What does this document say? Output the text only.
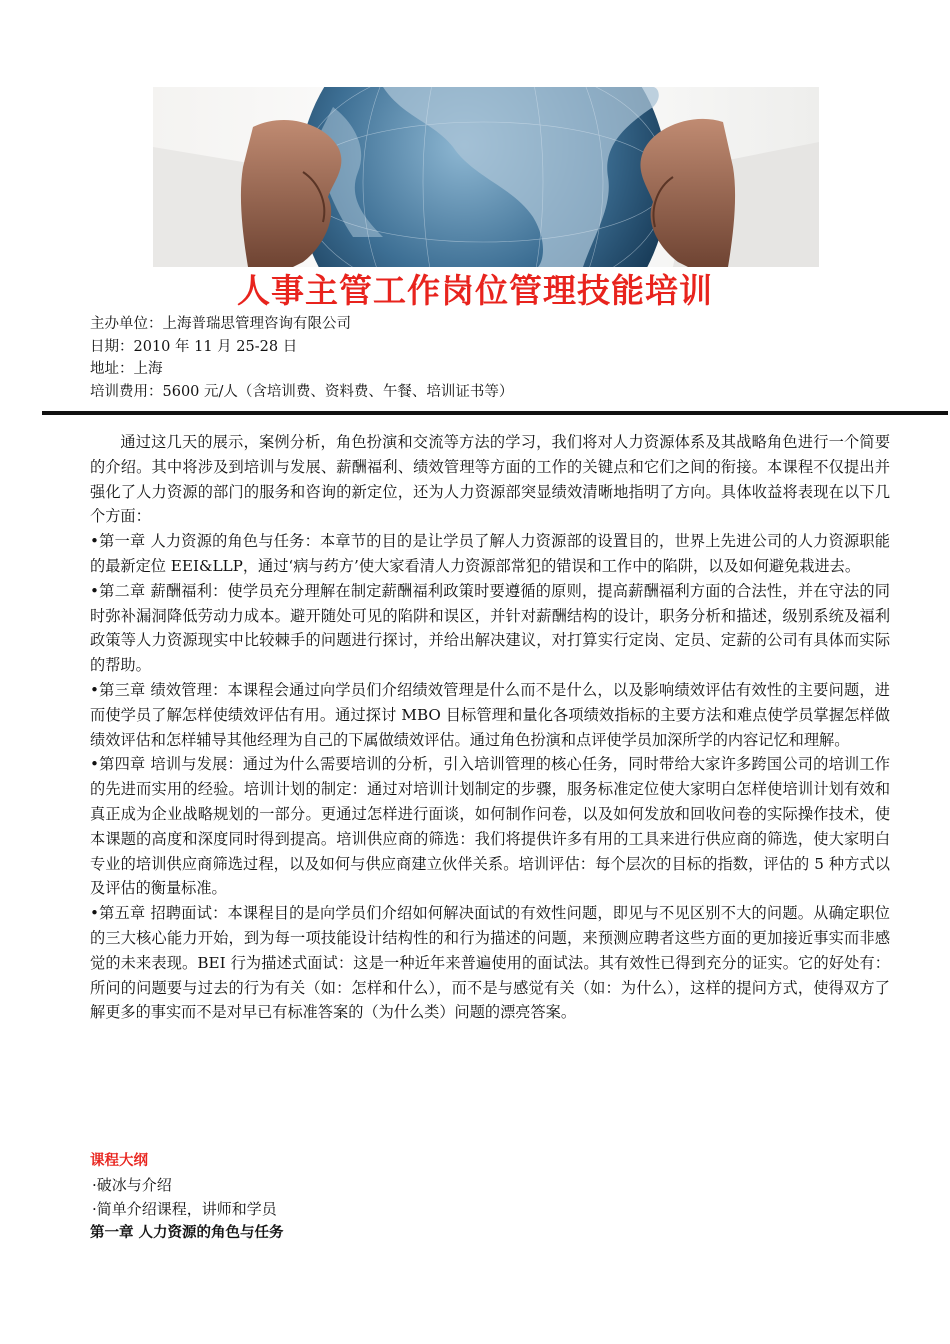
人事主管工作岗位管理技能培训
主办单位：上海普瑞思管理咨询有限公司
日期：2010 年 11 月 25-28 日
地址：上海
培训费用：5600 元/人（含培训费、资料费、午餐、培训证书等）

通过这几天的展示，案例分析，角色扮演和交流等方法的学习，我们将对人力资源体系及其战略角色进行一个简要的介绍。其中将涉及到培训与发展、薪酬福利、绩效管理等方面的工作的关键点和它们之间的衔接。本课程不仅提出并强化了人力资源的部门的服务和咨询的新定位，还为人力资源部突显绩效清晰地指明了方向。具体收益将表现在以下几个方面：

•第一章 人力资源的角色与任务：本章节的目的是让学员了解人力资源部的设置目的，世界上先进公司的人力资源职能的最新定位 EEI&LLP，通过‘病与药方’使大家看清人力资源部常犯的错误和工作中的陷阱，以及如何避免栽进去。

•第二章 薪酬福利：使学员充分理解在制定薪酬福利政策时要遵循的原则，提高薪酬福利方面的合法性，并在守法的同时弥补漏洞降低劳动力成本。避开随处可见的陷阱和误区，并针对薪酬结构的设计，职务分析和描述，级别系统及福利政策等人力资源现实中比较棘手的问题进行探讨，并给出解决建议，对打算实行定岗、定员、定薪的公司有具体而实际的帮助。

•第三章 绩效管理：本课程会通过向学员们介绍绩效管理是什么而不是什么，以及影响绩效评估有效性的主要问题，进而使学员了解怎样使绩效评估有用。通过探讨 MBO 目标管理和量化各项绩效指标的主要方法和难点使学员掌握怎样做绩效评估和怎样辅导其他经理为自己的下属做绩效评估。通过角色扮演和点评使学员加深所学的内容记忆和理解。

•第四章 培训与发展：通过为什么需要培训的分析，引入培训管理的核心任务，同时带给大家许多跨国公司的培训工作的先进而实用的经验。培训计划的制定：通过对培训计划制定的步骤，服务标准定位使大家明白怎样使培训计划有效和真正成为企业战略规划的一部分。更通过怎样进行面谈，如何制作问卷，以及如何发放和回收问卷的实际操作技术，使本课题的高度和深度同时得到提高。培训供应商的筛选：我们将提供许多有用的工具来进行供应商的筛选，使大家明白专业的培训供应商筛选过程，以及如何与供应商建立伙伴关系。培训评估：每个层次的目标的指数，评估的 5 种方式以及评估的衡量标准。

•第五章 招聘面试：本课程目的是向学员们介绍如何解决面试的有效性问题，即见与不见区别不大的问题。从确定职位的三大核心能力开始，到为每一项技能设计结构性的和行为描述的问题，来预测应聘者这些方面的更加接近事实而非感觉的未来表现。BEI 行为描述式面试：这是一种近年来普遍使用的面试法。其有效性已得到充分的证实。它的好处有：所问的问题要与过去的行为有关（如：怎样和什么），而不是与感觉有关（如：为什么），这样的提问方式，使得双方了解更多的事实而不是对早已有标准答案的（为什么类）问题的漂亮答案。

课程大纲
·破冰与介绍
·简单介绍课程，讲师和学员
第一章 人力资源的角色与任务
